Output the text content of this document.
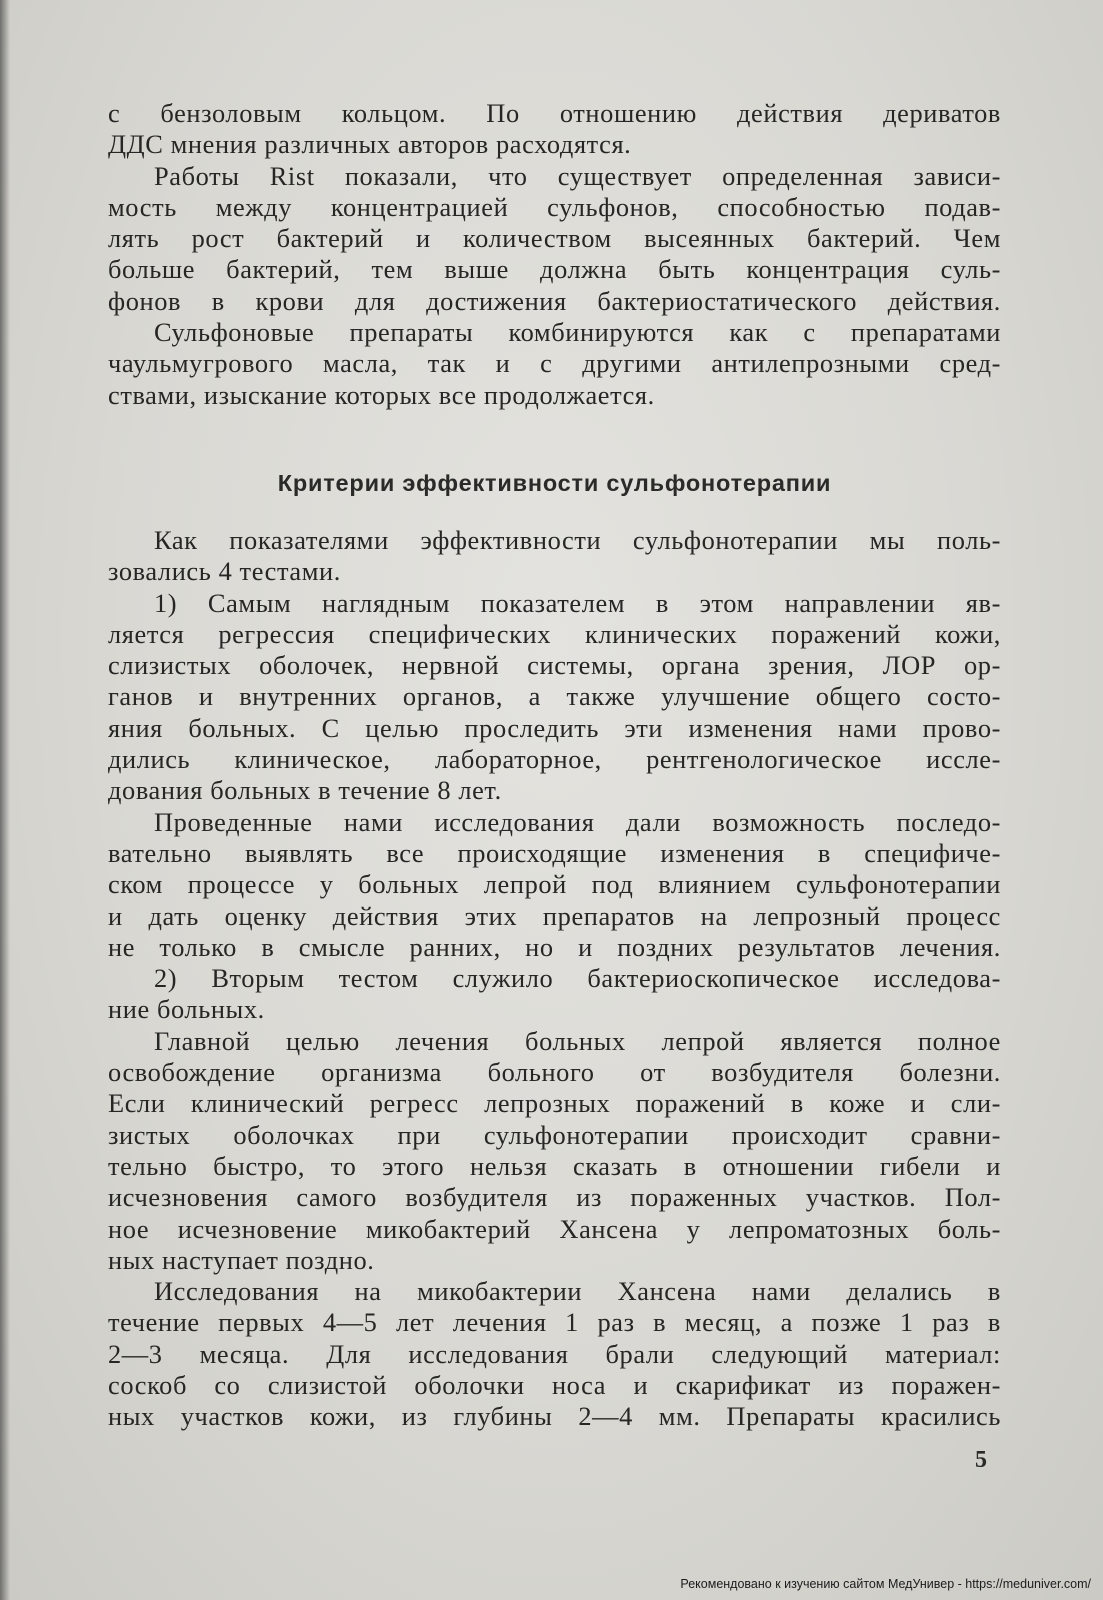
с бензоловым кольцом. По отношению действия дериватов
ДДС мнения различных авторов расходятся.
Работы Rist показали, что существует определенная зависи-
мость между концентрацией сульфонов, способностью подав-
лять рост бактерий и количеством высеянных бактерий. Чем
больше бактерий, тем выше должна быть концентрация суль-
фонов в крови для достижения бактериостатического действия.
Сульфоновые препараты комбинируются как с препаратами
чаульмугрового масла, так и с другими антилепрозными сред-
ствами, изыскание которых все продолжается.
Критерии эффективности сульфонотерапии
Как показателями эффективности сульфонотерапии мы поль-
зовались 4 тестами.
1) Самым наглядным показателем в этом направлении яв-
ляется регрессия специфических клинических поражений кожи,
слизистых оболочек, нервной системы, органа зрения, ЛОР ор-
ганов и внутренних органов, а также улучшение общего состо-
яния больных. С целью проследить эти изменения нами прово-
дились клиническое, лабораторное, рентгенологическое иссле-
дования больных в течение 8 лет.
Проведенные нами исследования дали возможность последо-
вательно выявлять все происходящие изменения в специфиче-
ском процессе у больных лепрой под влиянием сульфонотерапии
и дать оценку действия этих препаратов на лепрозный процесс
не только в смысле ранних, но и поздних результатов лечения.
2) Вторым тестом служило бактериоскопическое исследова-
ние больных.
Главной целью лечения больных лепрой является полное
освобождение организма больного от возбудителя болезни.
Если клинический регресс лепрозных поражений в коже и сли-
зистых оболочках при сульфонотерапии происходит сравни-
тельно быстро, то этого нельзя сказать в отношении гибели и
исчезновения самого возбудителя из пораженных участков. Пол-
ное исчезновение микобактерий Хансена у лепроматозных боль-
ных наступает поздно.
Исследования на микобактерии Хансена нами делались в
течение первых 4—5 лет лечения 1 раз в месяц, а позже 1 раз в
2—3 месяца. Для исследования брали следующий материал:
соскоб со слизистой оболочки носа и скарификат из поражен-
ных участков кожи, из глубины 2—4 мм. Препараты красились
5
Рекомендовано к изучению сайтом МедУнивер - https://meduniver.com/
